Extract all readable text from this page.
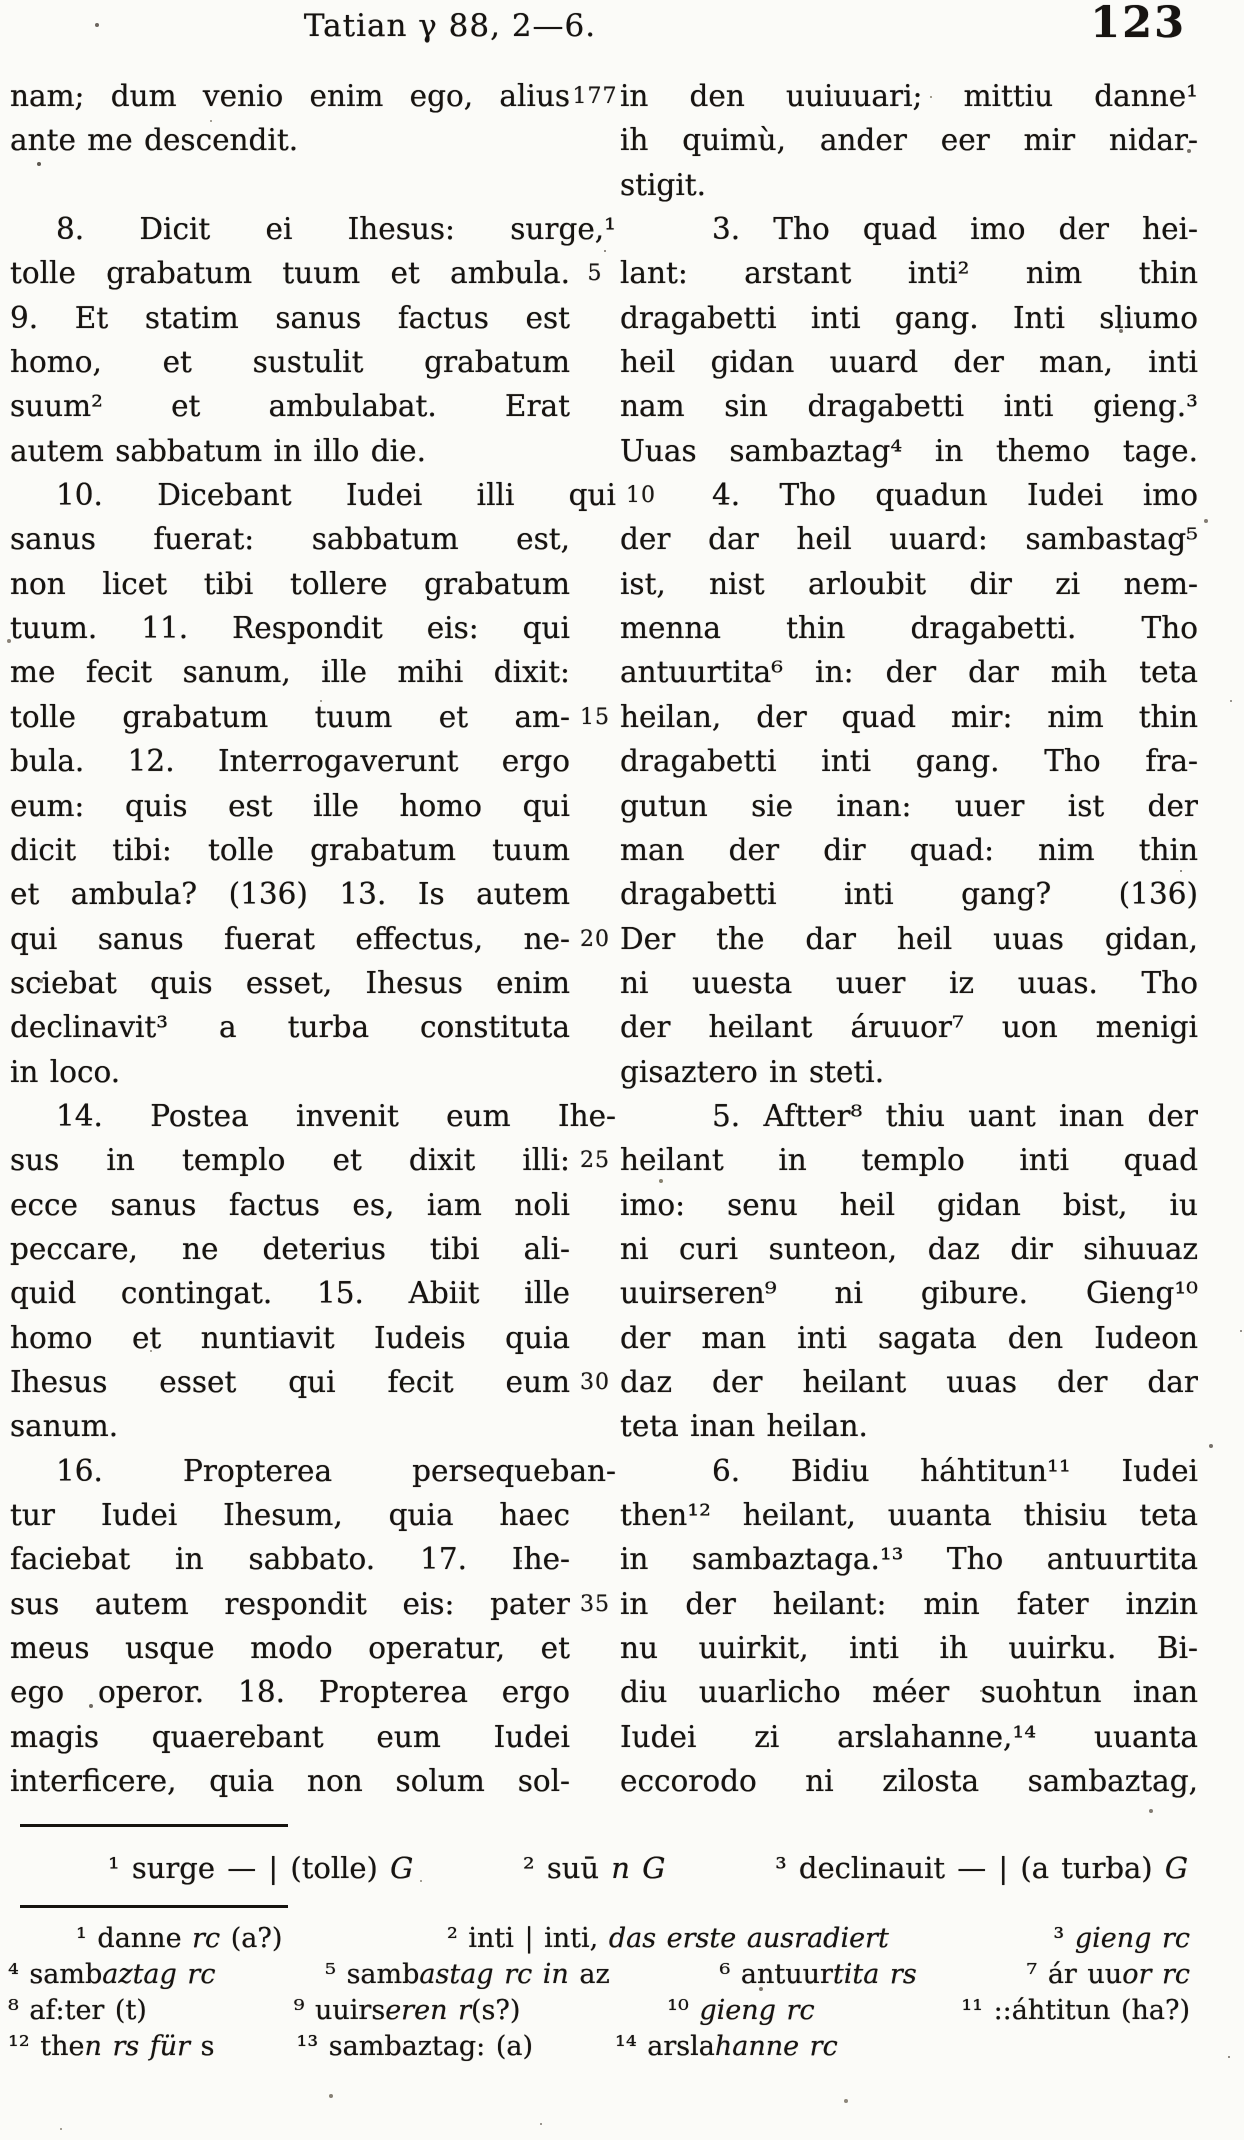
Tatian γ 88, 2—6.	123
nam; dum venio enim ego, alius 177 in den uuiuuari; mittiu danne¹
ante me descendit.	ih quimù, ander eer mir nidar-
stigit.
8. Dicit ei Ihesus: surge,¹	3. Tho quad imo der hei-
tolle grabatum tuum et ambula. 5 lant: arstant inti² nim thin
9. Et statim sanus factus est dragabetti inti gang. Inti sliumo
homo, et sustulit grabatum heil gidan uuard der man, inti
suum² et ambulabat. Erat nam sin dragabetti inti gieng.³
autem sabbatum in illo die.	Uuas sambaztag⁴ in themo tage.
10. Dicebant Iudei illi qui 10	4. Tho quadun Iudei imo
sanus fuerat: sabbatum est, der dar heil uuard: sambastag⁵
non licet tibi tollere grabatum ist, nist arloubit dir zi nem-
tuum. 11. Respondit eis: qui menna thin dragabetti. Tho
me fecit sanum, ille mihi dixit: antuurtita⁶ in: der dar mih teta
tolle grabatum tuum et am- 15 heilan, der quad mir: nim thin
bula. 12. Interrogaverunt ergo dragabetti inti gang. Tho fra-
eum: quis est ille homo qui gutun sie inan: uuer ist der
dicit tibi: tolle grabatum tuum man der dir quad: nim thin
et ambula? (136) 13. Is autem dragabetti inti gang? (136)
qui sanus fuerat effectus, ne- 20 Der the dar heil uuas gidan,
sciebat quis esset, Ihesus enim ni uuesta uuer iz uuas. Tho
declinavit³ a turba constituta der heilant áruuor⁷ uon menigi
in loco.	gisaztero in steti.
14. Postea invenit eum Ihe-	5. Aftter⁸ thiu uant inan der
sus in templo et dixit illi: 25 heilant in templo inti quad
ecce sanus factus es, iam noli imo: senu heil gidan bist, iu
peccare, ne deterius tibi ali- ni curi sunteon, daz dir sihuuaz
quid contingat. 15. Abiit ille uuirseren⁹ ni gibure. Gieng¹⁰
homo et nuntiavit Iudeis quia der man inti sagata den Iudeon
Ihesus esset qui fecit eum 30 daz der heilant uuas der dar
sanum.	teta inan heilan.
16. Propterea persequeban-	6. Bidiu háhtitun¹¹ Iudei
tur Iudei Ihesum, quia haec then¹² heilant, uuanta thisiu teta
faciebat in sabbato. 17. Ihe- in sambaztaga.¹³ Tho antuurtita
sus autem respondit eis: pater 35 in der heilant: min fater inzin
meus usque modo operatur, et nu uuirkit, inti ih uuirku. Bi-
ego operor. 18. Propterea ergo diu uuarlicho méer suohtun inan
magis quaerebant eum Iudei Iudei zi arslahanne,¹⁴ uuanta
interficere, quia non solum sol- eccorodo ni zilosta sambaztag,
¹ surge — | (tolle) G	² suū n G	³ declinauit — | (a turba) G
¹ danne rc (a?)	² inti | inti, das erste ausradiert	³ gieng rc
⁴ sambaztag rc	⁵ sambastag rc in az	⁶ antuurtita rs	⁷ ár uuor rc
⁸ af:ter (t)	⁹ uuirseren r(s?)	¹⁰ gieng rc	¹¹ ::áhtitun (ha?)
¹² then rs für s	¹³ sambaztag: (a)	¹⁴ arslahanne rc
